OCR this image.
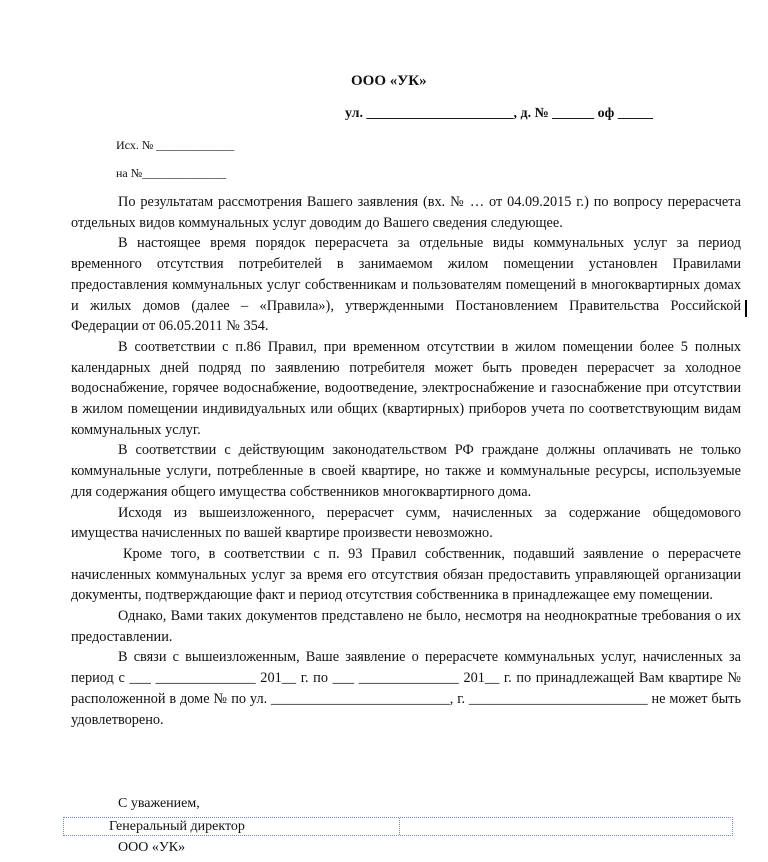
ООО «УК»
ул. _____________________, д. № ______ оф _____
Исх. № _____________
на №______________

По результатам рассмотрения Вашего заявления (вх. № … от 04.09.2015 г.) по вопросу перерасчета отдельных видов коммунальных услуг доводим до Вашего сведения следующее.

В настоящее время порядок перерасчета за отдельные виды коммунальных услуг за период временного отсутствия потребителей в занимаемом жилом помещении установлен Правилами предоставления коммунальных услуг собственникам и пользователям помещений в многоквартирных домах и жилых домов (далее – «Правила»), утвержденными Постановлением Правительства Российской Федерации от 06.05.2011 № 354.

В соответствии с п.86 Правил, при временном отсутствии в жилом помещении более 5 полных календарных дней подряд по заявлению потребителя может быть проведен перерасчет за холодное водоснабжение, горячее водоснабжение, водоотведение, электроснабжение и газоснабжение при отсутствии в жилом помещении индивидуальных или общих (квартирных) приборов учета по соответствующим видам коммунальных услуг.

В соответствии с действующим законодательством РФ граждане должны оплачивать не только коммунальные услуги, потребленные в своей квартире, но также и коммунальные ресурсы, используемые для содержания общего имущества собственников многоквартирного дома.

Исходя из вышеизложенного, перерасчет сумм, начисленных за содержание общедомового имущества начисленных по вашей квартире произвести невозможно.

Кроме того, в соответствии с п. 93 Правил собственник, подавший заявление о перерасчете начисленных коммунальных услуг за время его отсутствия обязан предоставить управляющей организации документы, подтверждающие факт и период отсутствия собственника в принадлежащее ему помещении.

Однако, Вами таких документов представлено не было, несмотря на неоднократные требования о их предоставлении.

В связи с вышеизложенным, Ваше заявление о перерасчете коммунальных услуг, начисленных за период с ___ ______________ 201__ г. по ___ ______________ 201__ г. по принадлежащей Вам квартире № расположенной в доме № по ул. _________________________, г. _________________________ не может быть удовлетворено.

С уважением,
Генеральный директор
ООО «УК»
